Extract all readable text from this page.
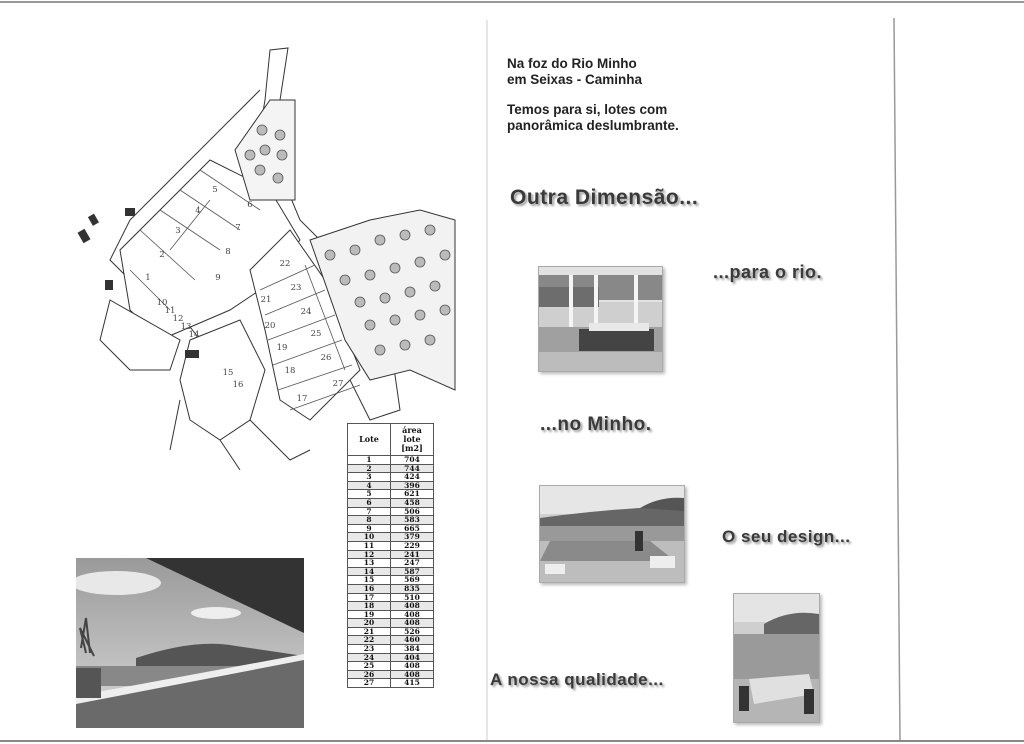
1
2
3
4
5
6
7
8
9
10
11
12
13
14
15
16
17
18
19
20
21
22
23
24
25
26
27
Lote	área lote [m2]
1	704
2	744
3	424
4	396
5	621
6	458
7	506
8	583
9	665
10	379
11	229
12	241
13	247
14	587
15	569
16	835
17	510
18	408
19	408
20	408
21	526
22	460
23	384
24	404
25	408
26	408
27	415

Na foz do Rio Minho
em Seixas - Caminha

Temos para si, lotes com
panorâmica deslumbrante.

Outra Dimensão...
...para o rio.
...no Minho.
O seu design...
A nossa qualidade...
